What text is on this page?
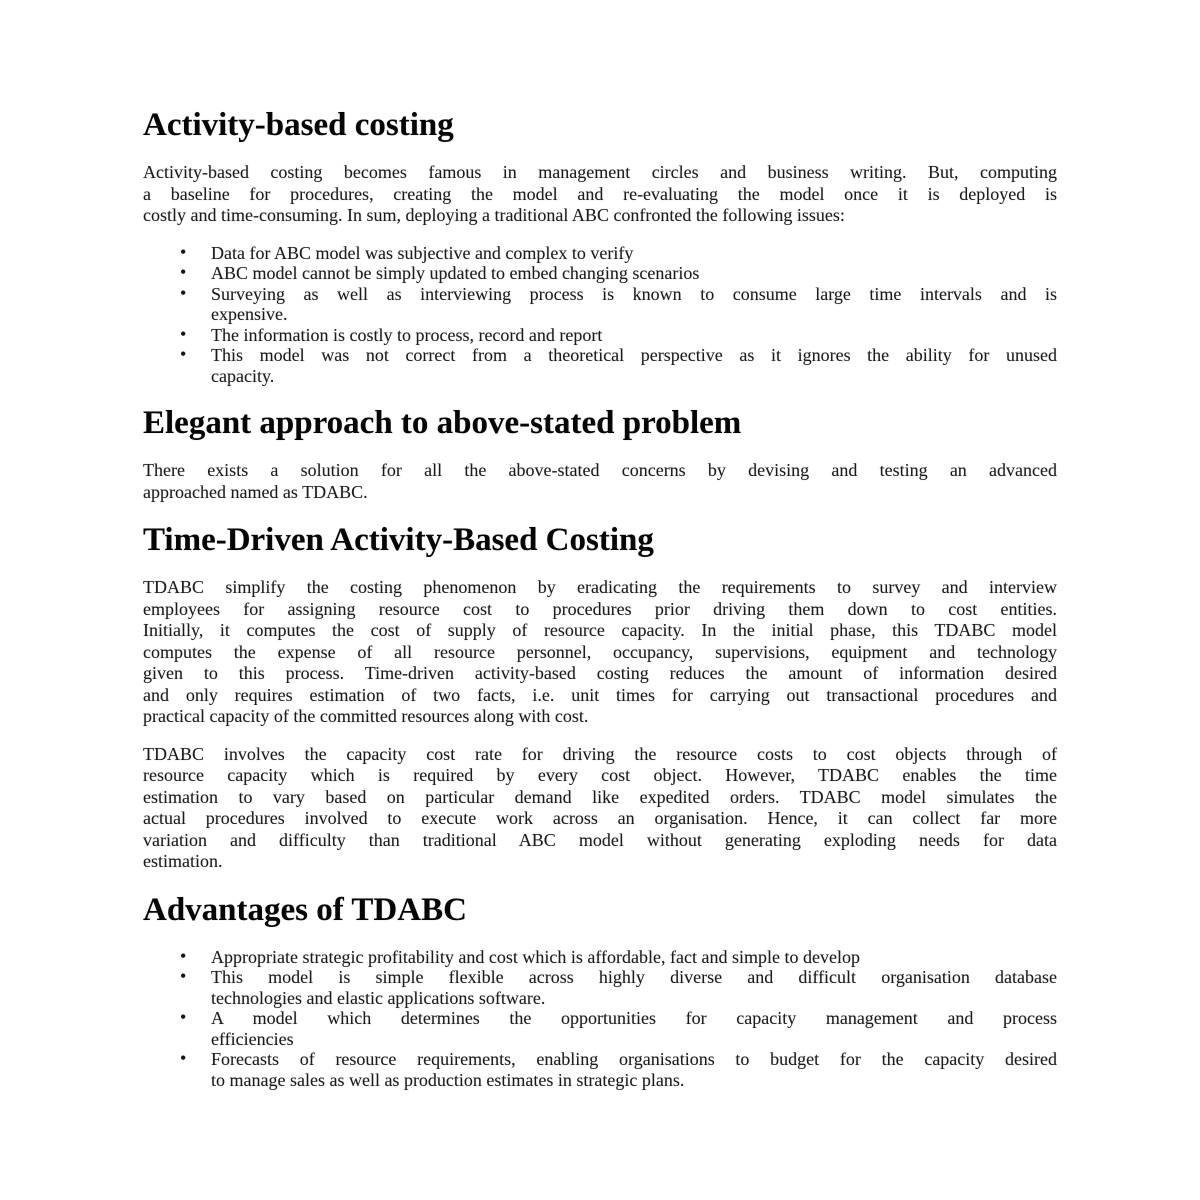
Activity-based costing

Activity-based costing becomes famous in management circles and business writing. But, computing
a baseline for procedures, creating the model and re-evaluating the model once it is deployed is
costly and time-consuming. In sum, deploying a traditional ABC confronted the following issues:

• Data for ABC model was subjective and complex to verify
• ABC model cannot be simply updated to embed changing scenarios
• Surveying as well as interviewing process is known to consume large time intervals and is
expensive.
• The information is costly to process, record and report
• This model was not correct from a theoretical perspective as it ignores the ability for unused
capacity.
Elegant approach to above-stated problem

There exists a solution for all the above-stated concerns by devising and testing an advanced
approached named as TDABC.

Time-Driven Activity-Based Costing

TDABC simplify the costing phenomenon by eradicating the requirements to survey and interview
employees for assigning resource cost to procedures prior driving them down to cost entities.
Initially, it computes the cost of supply of resource capacity. In the initial phase, this TDABC model
computes the expense of all resource personnel, occupancy, supervisions, equipment and technology
given to this process. Time-driven activity-based costing reduces the amount of information desired
and only requires estimation of two facts, i.e. unit times for carrying out transactional procedures and
practical capacity of the committed resources along with cost.

TDABC involves the capacity cost rate for driving the resource costs to cost objects through of
resource capacity which is required by every cost object. However, TDABC enables the time
estimation to vary based on particular demand like expedited orders. TDABC model simulates the
actual procedures involved to execute work across an organisation. Hence, it can collect far more
variation and difficulty than traditional ABC model without generating exploding needs for data
estimation.

Advantages of TDABC
• Appropriate strategic profitability and cost which is affordable, fact and simple to develop
• This model is simple flexible across highly diverse and difficult organisation database
technologies and elastic applications software.
• A model which determines the opportunities for capacity management and process
efficiencies
• Forecasts of resource requirements, enabling organisations to budget for the capacity desired
to manage sales as well as production estimates in strategic plans.
